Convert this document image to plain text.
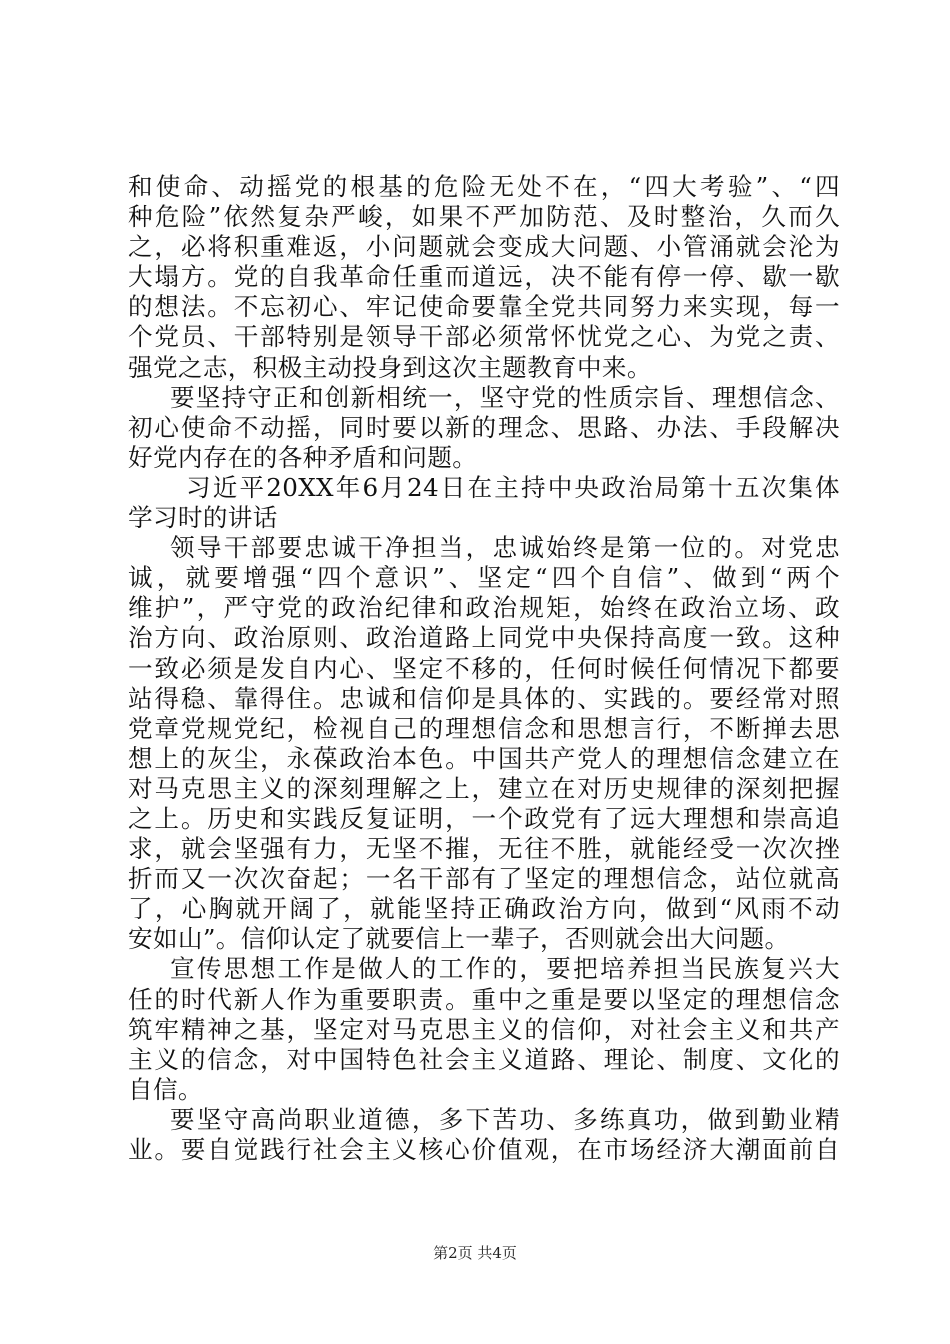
和使命、动摇党的根基的危险无处不在，“四大考验”、“四
种危险”依然复杂严峻，如果不严加防范、及时整治，久而久
之，必将积重难返，小问题就会变成大问题、小管涌就会沦为
大塌方。党的自我革命任重而道远，决不能有停一停、歇一歇
的想法。不忘初心、牢记使命要靠全党共同努力来实现，每一
个党员、干部特别是领导干部必须常怀忧党之心、为党之责、
强党之志，积极主动投身到这次主题教育中来。
要坚持守正和创新相统一，坚守党的性质宗旨、理想信念、
初心使命不动摇，同时要以新的理念、思路、办法、手段解决
好党内存在的各种矛盾和问题。
习近平20XX年6月24日在主持中央政治局第十五次集体
学习时的讲话
领导干部要忠诚干净担当，忠诚始终是第一位的。对党忠
诚，就要增强“四个意识”、坚定“四个自信”、做到“两个
维护”，严守党的政治纪律和政治规矩，始终在政治立场、政
治方向、政治原则、政治道路上同党中央保持高度一致。这种
一致必须是发自内心、坚定不移的，任何时候任何情况下都要
站得稳、靠得住。忠诚和信仰是具体的、实践的。要经常对照
党章党规党纪，检视自己的理想信念和思想言行，不断掸去思
想上的灰尘，永葆政治本色。中国共产党人的理想信念建立在
对马克思主义的深刻理解之上，建立在对历史规律的深刻把握
之上。历史和实践反复证明，一个政党有了远大理想和崇高追
求，就会坚强有力，无坚不摧，无往不胜，就能经受一次次挫
折而又一次次奋起；一名干部有了坚定的理想信念，站位就高
了，心胸就开阔了，就能坚持正确政治方向，做到“风雨不动
安如山”。信仰认定了就要信上一辈子，否则就会出大问题。
宣传思想工作是做人的工作的，要把培养担当民族复兴大
任的时代新人作为重要职责。重中之重是要以坚定的理想信念
筑牢精神之基，坚定对马克思主义的信仰，对社会主义和共产
主义的信念，对中国特色社会主义道路、理论、制度、文化的
自信。
要坚守高尚职业道德，多下苦功、多练真功，做到勤业精
业。要自觉践行社会主义核心价值观，在市场经济大潮面前自
第2页 共4页
